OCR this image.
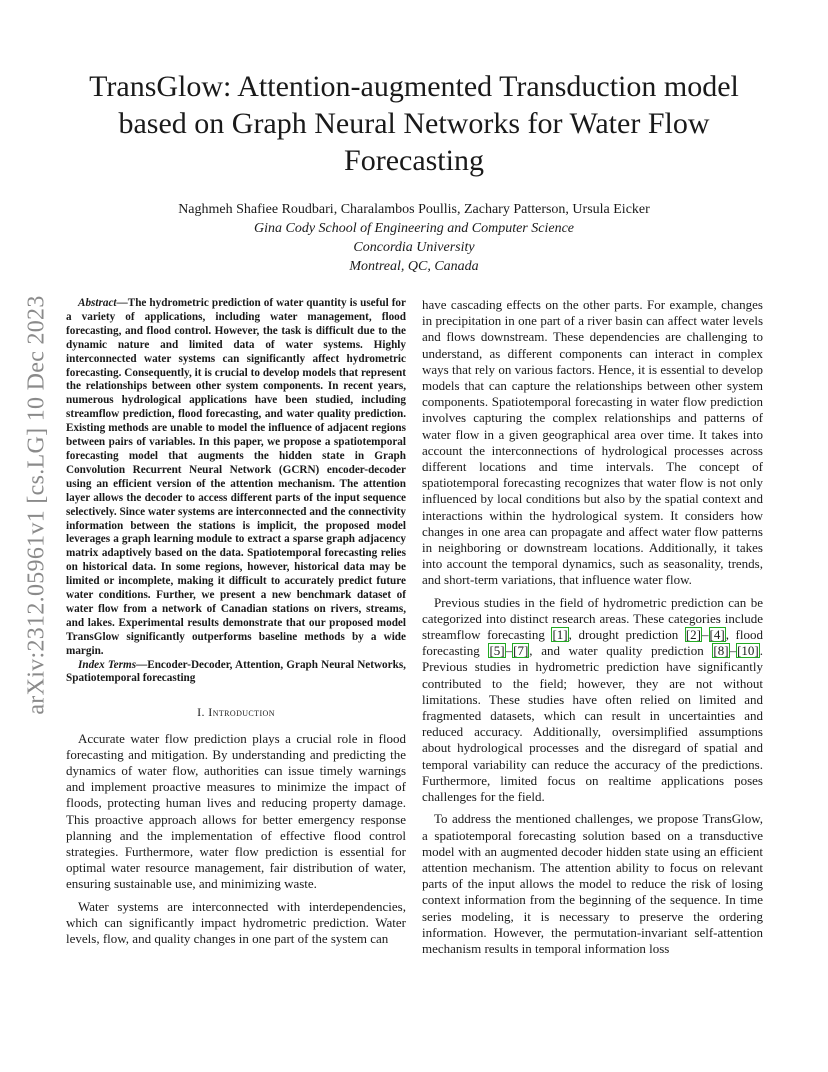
arXiv:2312.05961v1 [cs.LG] 10 Dec 2023
TransGlow: Attention-augmented Transduction model based on Graph Neural Networks for Water Flow Forecasting
Naghmeh Shafiee Roudbari, Charalambos Poullis, Zachary Patterson, Ursula Eicker
Gina Cody School of Engineering and Computer Science
Concordia University
Montreal, QC, Canada

Abstract—The hydrometric prediction of water quantity is useful for a variety of applications, including water management, flood forecasting, and flood control. However, the task is difficult due to the dynamic nature and limited data of water systems. Highly interconnected water systems can significantly affect hydrometric forecasting. Consequently, it is crucial to develop models that represent the relationships between other system components. In recent years, numerous hydrological applications have been studied, including streamflow prediction, flood forecasting, and water quality prediction. Existing methods are unable to model the influence of adjacent regions between pairs of variables. In this paper, we propose a spatiotemporal forecasting model that augments the hidden state in Graph Convolution Recurrent Neural Network (GCRN) encoder-decoder using an efficient version of the attention mechanism. The attention layer allows the decoder to access different parts of the input sequence selectively. Since water systems are interconnected and the connectivity information between the stations is implicit, the proposed model leverages a graph learning module to extract a sparse graph adjacency matrix adaptively based on the data. Spatiotemporal forecasting relies on historical data. In some regions, however, historical data may be limited or incomplete, making it difficult to accurately predict future water conditions. Further, we present a new benchmark dataset of water flow from a network of Canadian stations on rivers, streams, and lakes. Experimental results demonstrate that our proposed model TransGlow significantly outperforms baseline methods by a wide margin.

Index Terms—Encoder-Decoder, Attention, Graph Neural Networks, Spatiotemporal forecasting

I. Introduction

Accurate water flow prediction plays a crucial role in flood forecasting and mitigation. By understanding and predicting the dynamics of water flow, authorities can issue timely warnings and implement proactive measures to minimize the impact of floods, protecting human lives and reducing property damage. This proactive approach allows for better emergency response planning and the implementation of effective flood control strategies. Furthermore, water flow prediction is essential for optimal water resource management, fair distribution of water, ensuring sustainable use, and minimizing waste.

Water systems are interconnected with interdependencies, which can significantly impact hydrometric prediction. Water levels, flow, and quality changes in one part of the system can

have cascading effects on the other parts. For example, changes in precipitation in one part of a river basin can affect water levels and flows downstream. These dependencies are challenging to understand, as different components can interact in complex ways that rely on various factors. Hence, it is essential to develop models that can capture the relationships between other system components. Spatiotemporal forecasting in water flow prediction involves capturing the complex relationships and patterns of water flow in a given geographical area over time. It takes into account the interconnections of hydrological processes across different locations and time intervals. The concept of spatiotemporal forecasting recognizes that water flow is not only influenced by local conditions but also by the spatial context and interactions within the hydrological system. It considers how changes in one area can propagate and affect water flow patterns in neighboring or downstream locations. Additionally, it takes into account the temporal dynamics, such as seasonality, trends, and short-term variations, that influence water flow.

Previous studies in the field of hydrometric prediction can be categorized into distinct research areas. These categories include streamflow forecasting [1], drought prediction [2]–[4], flood forecasting [5]–[7], and water quality prediction [8]–[10]. Previous studies in hydrometric prediction have significantly contributed to the field; however, they are not without limitations. These studies have often relied on limited and fragmented datasets, which can result in uncertainties and reduced accuracy. Additionally, oversimplified assumptions about hydrological processes and the disregard of spatial and temporal variability can reduce the accuracy of the predictions. Furthermore, limited focus on realtime applications poses challenges for the field.

To address the mentioned challenges, we propose TransGlow, a spatiotemporal forecasting solution based on a transductive model with an augmented decoder hidden state using an efficient attention mechanism. The attention ability to focus on relevant parts of the input allows the model to reduce the risk of losing context information from the beginning of the sequence. In time series modeling, it is necessary to preserve the ordering information. However, the permutation-invariant self-attention mechanism results in temporal information loss
